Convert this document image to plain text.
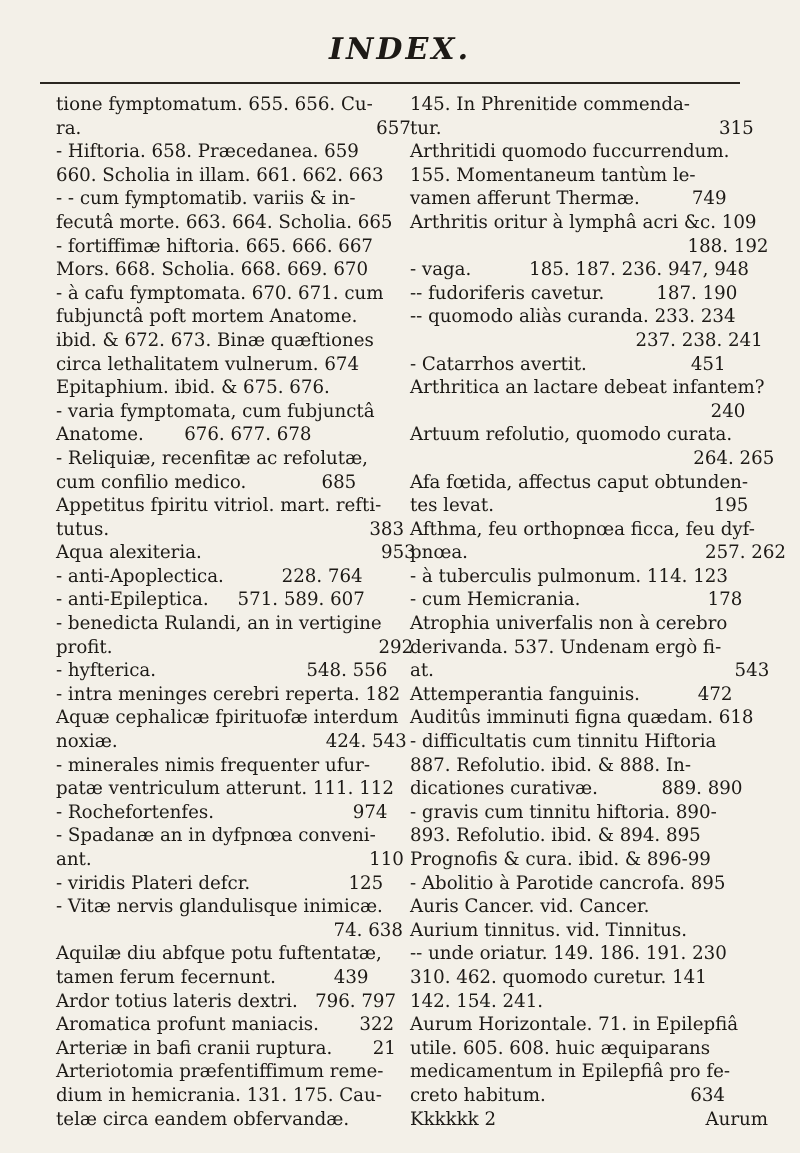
INDEX.
tione fymptomatum. 655. 656. Cu-
ra.                                                   657
- Hiftoria. 658. Præcedanea. 659
660. Scholia in illam. 661. 662. 663
- - cum fymptomatib. variis & in-
fecutâ morte. 663. 664. Scholia. 665
- fortiffimæ hiftoria. 665. 666. 667
Mors. 668. Scholia. 668. 669. 670
- à cafu fymptomata. 670. 671. cum
fubjunctâ poft mortem Anatome.
ibid. & 672. 673. Binæ quæftiones
circa lethalitatem vulnerum. 674
Epitaphium. ibid. & 675. 676.
- varia fymptomata, cum fubjunctâ
Anatome.       676. 677. 678
- Reliquiæ, recenfitæ ac refolutæ,
cum confilio medico.             685
Appetitus fpiritu vitriol. mart. refti-
tutus.                                             383
Aqua alexiteria.                               953
- anti-Apoplectica.          228. 764
- anti-Epileptica.     571. 589. 607
- benedicta Rulandi, an in vertigine
profit.                                              292
- hyfterica.                          548. 556
- intra meninges cerebri reperta. 182
Aquæ cephalicæ fpirituofæ interdum
noxiæ.                                    424. 543
- minerales nimis frequenter ufur-
patæ ventriculum atterunt. 111. 112
- Rochefortenfes.                        974
- Spadanæ an in dyfpnœa conveni-
ant.                                                110
- viridis Plateri defcr.                 125
- Vitæ nervis glandulisque inimicæ.
74. 638
Aquilæ diu abfque potu fuftentatæ,
tamen ferum fecernunt.          439
Ardor totius lateris dextri.   796. 797
Aromatica profunt maniacis.       322
Arteriæ in bafi cranii ruptura.       21
Arteriotomia præfentiffimum reme-
dium in hemicrania. 131. 175. Cau-
telæ circa eandem obfervandæ.
145. In Phrenitide commenda-
tur.                                                315
Arthritidi quomodo fuccurrendum.
155. Momentaneum tantùm le-
vamen afferunt Thermæ.         749
Arthritis oritur à lymphâ acri &c. 109
188. 192
- vaga.          185. 187. 236. 947, 948
-- fudoriferis cavetur.         187. 190
-- quomodo aliàs curanda. 233. 234
237. 238. 241
- Catarrhos avertit.                  451
Arthritica an lactare debeat infantem?
240
Artuum refolutio, quomodo curata.
264. 265
Afa fœtida, affectus caput obtunden-
tes levat.                                      195
Afthma, feu orthopnœa ficca, feu dyf-
pnœa.                                         257. 262
- à tuberculis pulmonum. 114. 123
- cum Hemicrania.                      178
Atrophia univerfalis non à cerebro
derivanda. 537. Undenam ergò fi-
at.                                                    543
Attemperantia fanguinis.          472
Auditûs imminuti figna quædam. 618
- difficultatis cum tinnitu Hiftoria
887. Refolutio. ibid. & 888. In-
dicationes curativæ.           889. 890
- gravis cum tinnitu hiftoria. 890-
893. Refolutio. ibid. & 894. 895
Prognofis & cura. ibid. & 896-99
- Abolitio à Parotide cancrofa. 895
Auris Cancer. vid. Cancer.
Aurium tinnitus. vid. Tinnitus.
-- unde oriatur. 149. 186. 191. 230
310. 462. quomodo curetur. 141
142. 154. 241.
Aurum Horizontale. 71. in Epilepfiâ
utile. 605. 608. huic æquiparans
medicamentum in Epilepfiâ pro fe-
creto habitum.                         634
Kkkkkk 2	Aurum
